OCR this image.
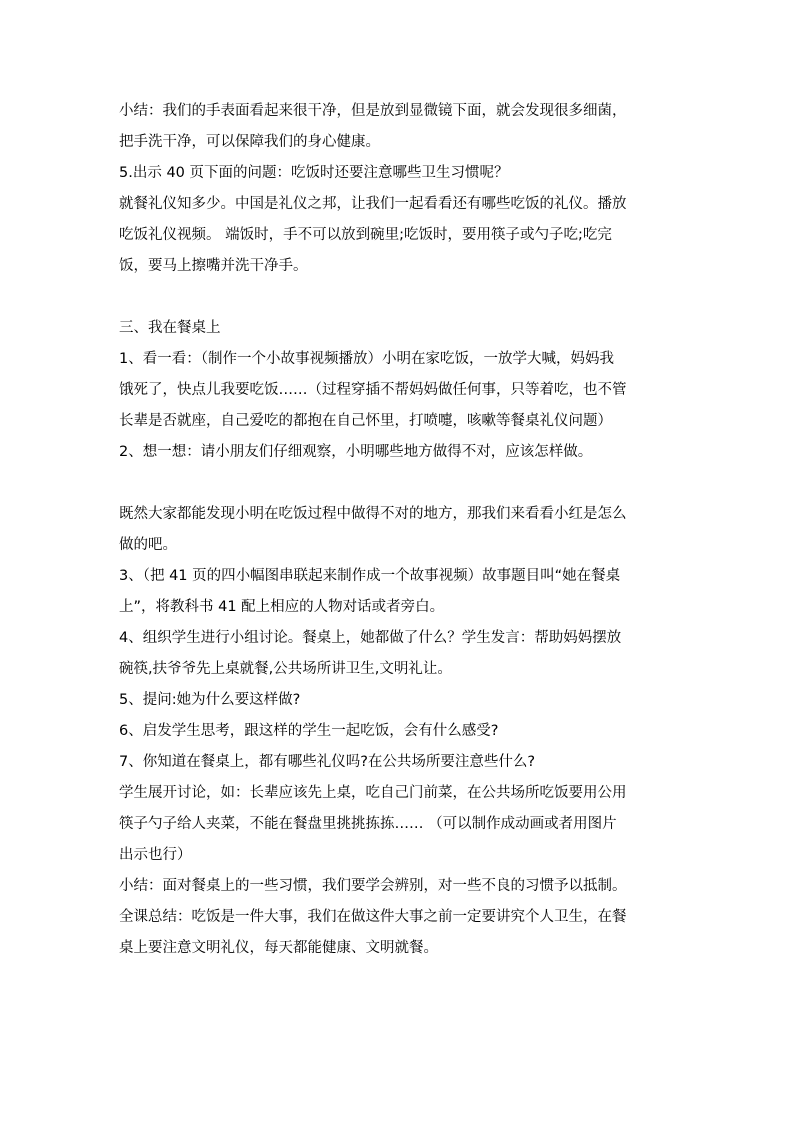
小结：我们的手表面看起来很干净，但是放到显微镜下面，就会发现很多细菌，
把手洗干净，可以保障我们的身心健康。
5.出示 40 页下面的问题：吃饭时还要注意哪些卫生习惯呢？
就餐礼仪知多少。中国是礼仪之邦，让我们一起看看还有哪些吃饭的礼仪。播放
吃饭礼仪视频。 端饭时，手不可以放到碗里;吃饭时，要用筷子或勺子吃;吃完
饭，要马上擦嘴并洗干净手。
三、我在餐桌上
1、看一看：（制作一个小故事视频播放）小明在家吃饭，一放学大喊，妈妈我
饿死了，快点儿我要吃饭……（过程穿插不帮妈妈做任何事，只等着吃，也不管
长辈是否就座，自己爱吃的都抱在自己怀里，打喷嚏，咳嗽等餐桌礼仪问题）
2、想一想：请小朋友们仔细观察，小明哪些地方做得不对，应该怎样做。
既然大家都能发现小明在吃饭过程中做得不对的地方，那我们来看看小红是怎么
做的吧。
3、（把 41 页的四小幅图串联起来制作成一个故事视频）故事题目叫“她在餐桌
上”，将教科书 41 配上相应的人物对话或者旁白。
4、组织学生进行小组讨论。餐桌上，她都做了什么？学生发言：帮助妈妈摆放
碗筷,扶爷爷先上桌就餐,公共场所讲卫生,文明礼让。
5、提问:她为什么要这样做?
6、启发学生思考，跟这样的学生一起吃饭，会有什么感受?
7、你知道在餐桌上，都有哪些礼仪吗?在公共场所要注意些什么?
学生展开讨论，如：长辈应该先上桌，吃自己门前菜，在公共场所吃饭要用公用
筷子勺子给人夹菜，不能在餐盘里挑挑拣拣…… （可以制作成动画或者用图片
出示也行）
小结：面对餐桌上的一些习惯，我们要学会辨别，对一些不良的习惯予以抵制。
全课总结：吃饭是一件大事，我们在做这件大事之前一定要讲究个人卫生，在餐
桌上要注意文明礼仪，每天都能健康、文明就餐。
